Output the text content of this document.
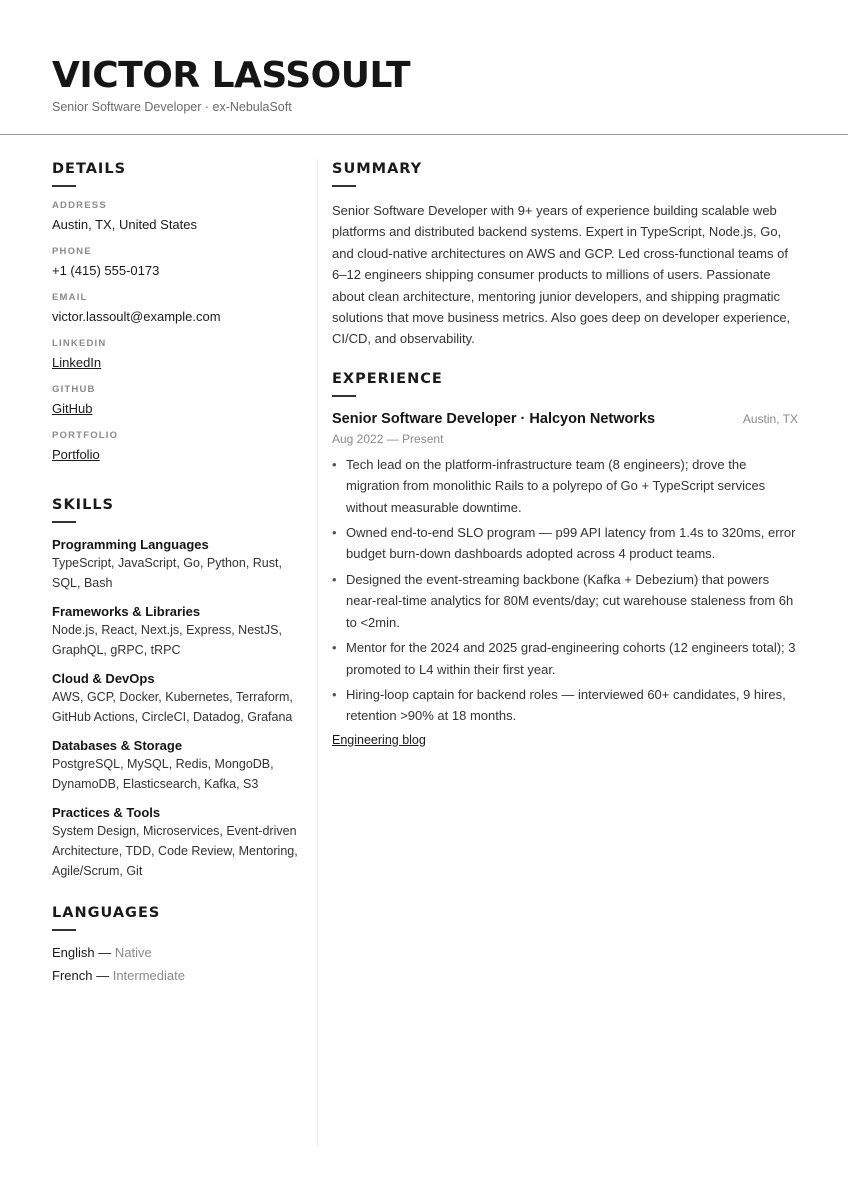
VICTOR LASSOULT
Senior Software Developer · ex-NebulaSoft
DETAILS
ADDRESS
Austin, TX, United States
PHONE
+1 (415) 555-0173
EMAIL
victor.lassoult@example.com
LINKEDIN
LinkedIn
GITHUB
GitHub
PORTFOLIO
Portfolio
SKILLS
Programming Languages
TypeScript, JavaScript, Go, Python, Rust, SQL, Bash
Frameworks & Libraries
Node.js, React, Next.js, Express, NestJS, GraphQL, gRPC, tRPC
Cloud & DevOps
AWS, GCP, Docker, Kubernetes, Terraform, GitHub Actions, CircleCI, Datadog, Grafana
Databases & Storage
PostgreSQL, MySQL, Redis, MongoDB, DynamoDB, Elasticsearch, Kafka, S3
Practices & Tools
System Design, Microservices, Event-driven Architecture, TDD, Code Review, Mentoring, Agile/Scrum, Git
LANGUAGES
English — Native
French — Intermediate
SUMMARY

Senior Software Developer with 9+ years of experience building scalable web platforms and distributed backend systems. Expert in TypeScript, Node.js, Go, and cloud-native architectures on AWS and GCP. Led cross-functional teams of 6–12 engineers shipping consumer products to millions of users. Passionate about clean architecture, mentoring junior developers, and shipping pragmatic solutions that move business metrics. Also goes deep on developer experience, CI/CD, and observability.

EXPERIENCE
Senior Software Developer · Halcyon Networks	Austin, TX
Aug 2022 — Present
• Tech lead on the platform-infrastructure team (8 engineers); drove the migration from monolithic Rails to a polyrepo of Go + TypeScript services without measurable downtime.
• Owned end-to-end SLO program — p99 API latency from 1.4s to 320ms, error budget burn-down dashboards adopted across 4 product teams.
• Designed the event-streaming backbone (Kafka + Debezium) that powers near-real-time analytics for 80M events/day; cut warehouse staleness from 6h to <2min.
• Mentor for the 2024 and 2025 grad-engineering cohorts (12 engineers total); 3 promoted to L4 within their first year.
• Hiring-loop captain for backend roles — interviewed 60+ candidates, 9 hires, retention >90% at 18 months.
Engineering blog
